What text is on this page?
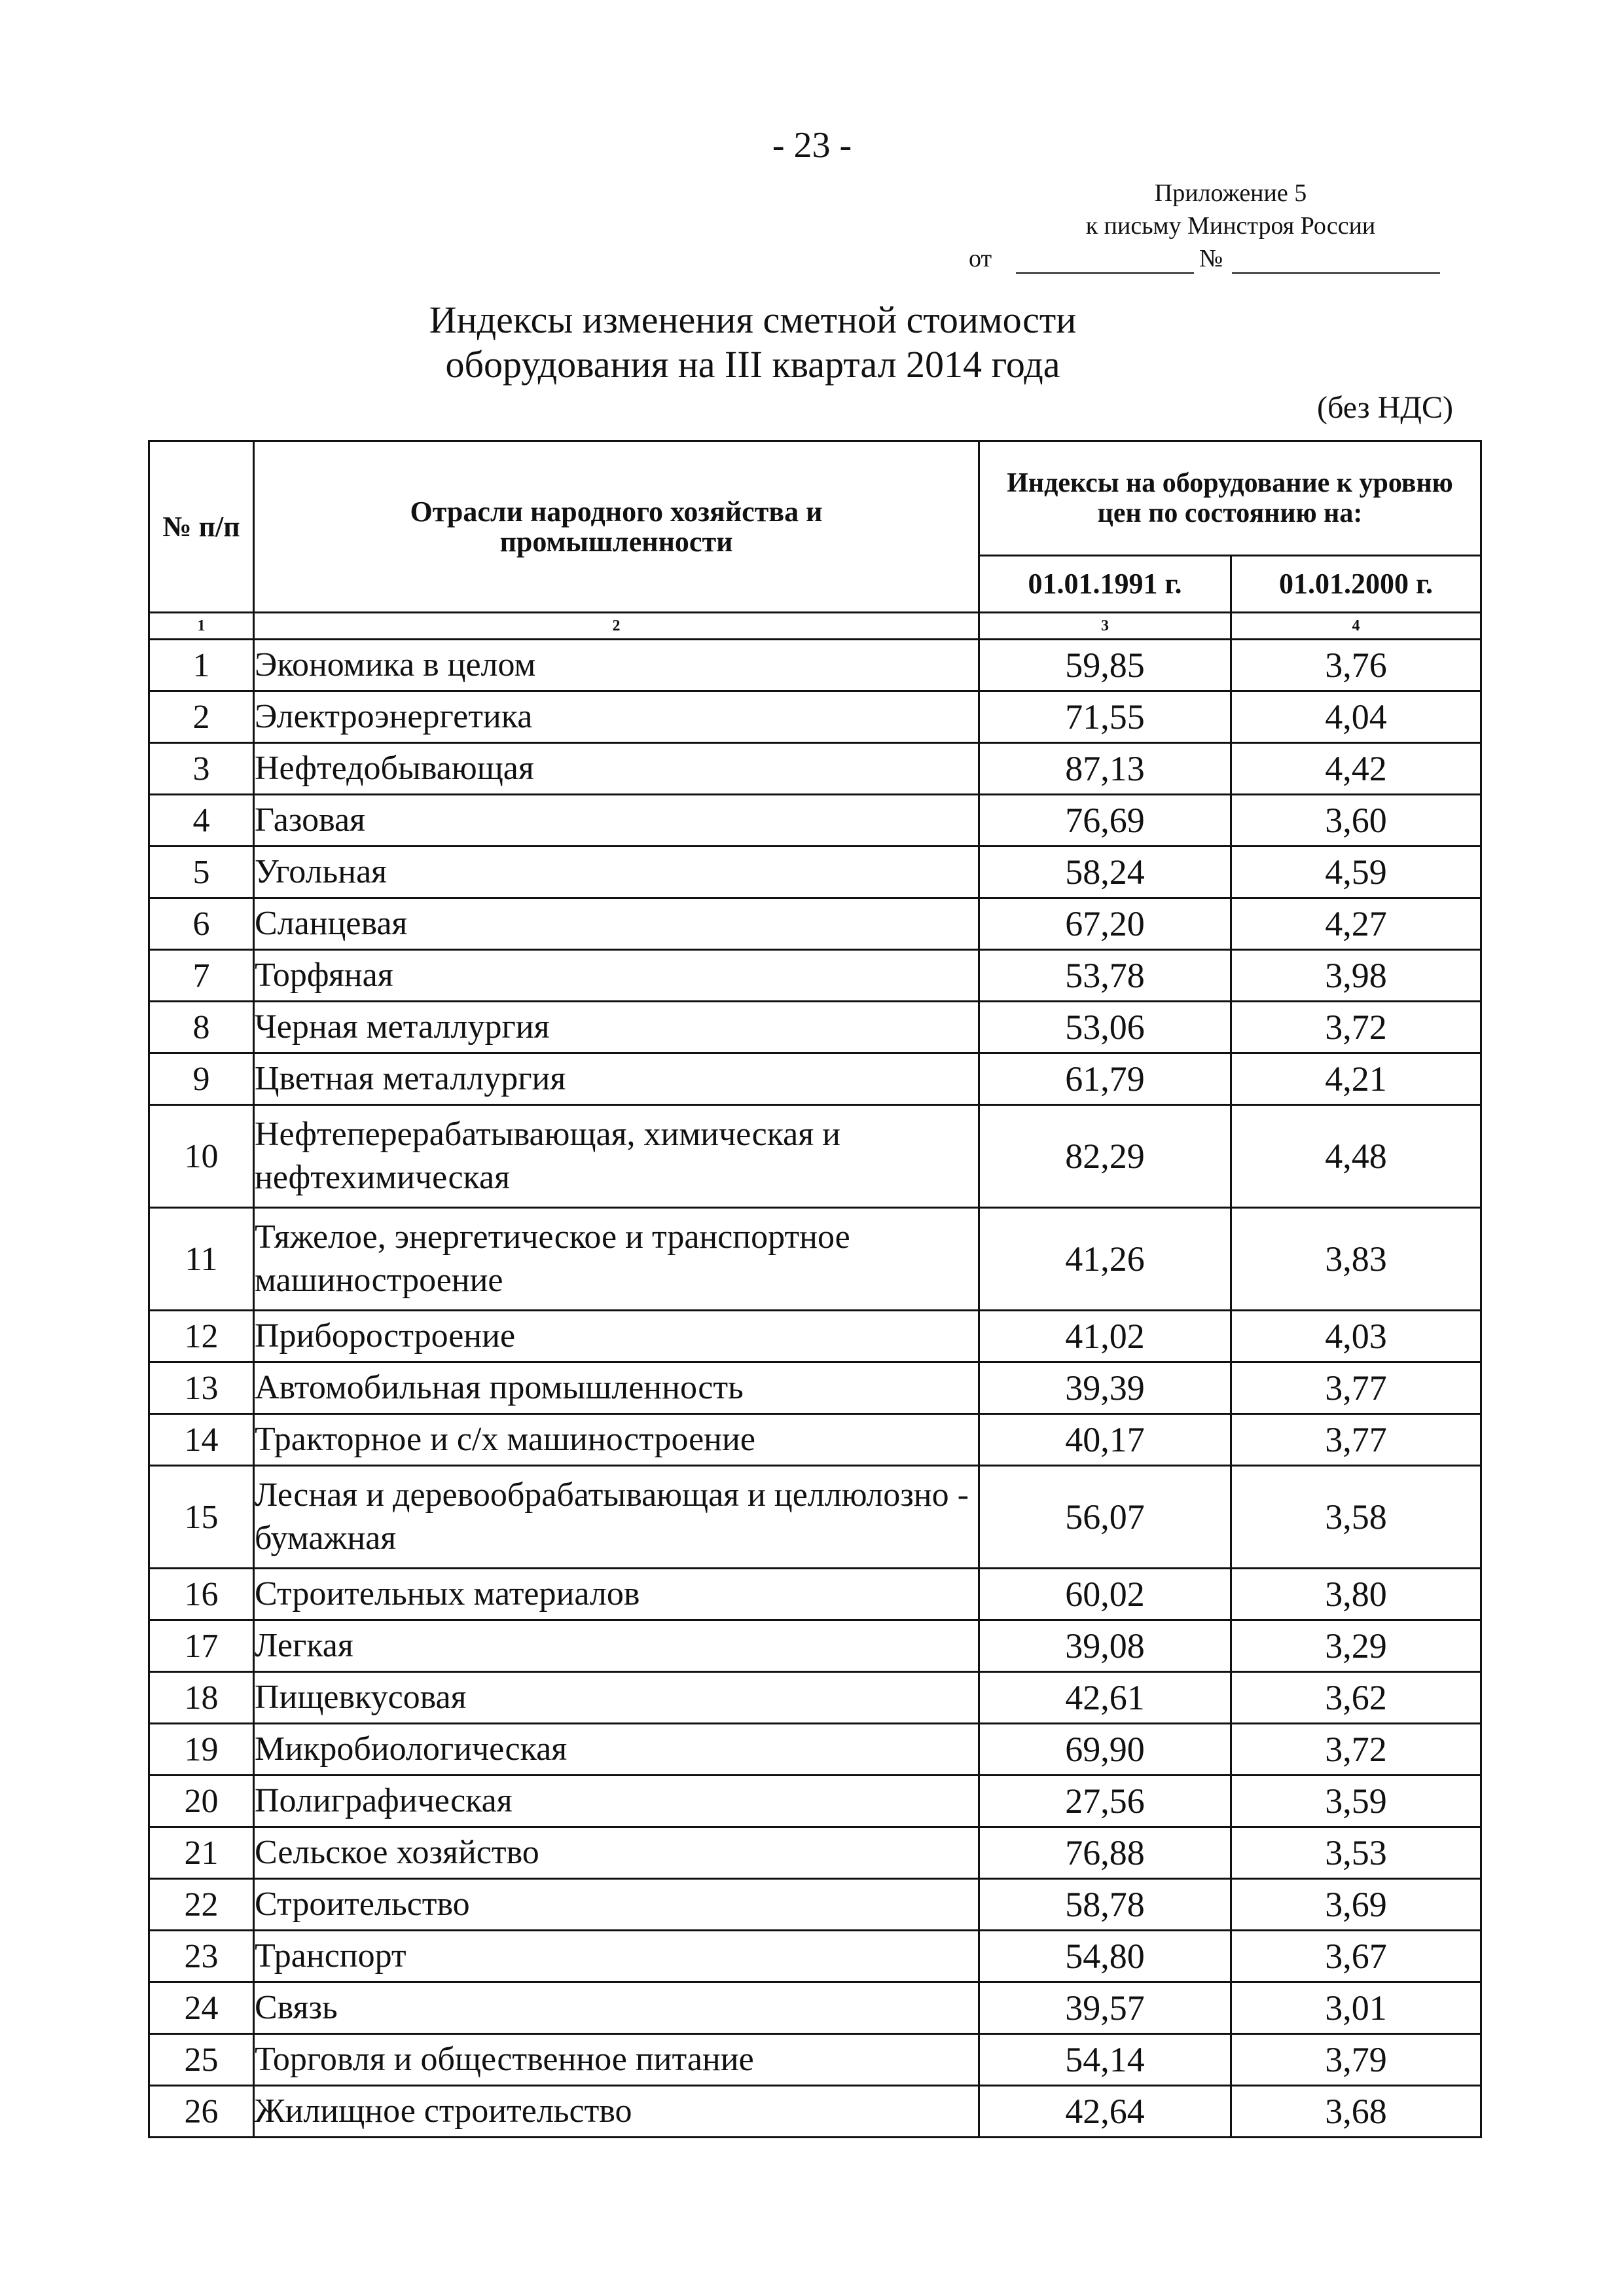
- 23 -
Приложение 5
к письму Минстроя России
от	№
Индексы изменения сметной стоимости
оборудования на III квартал 2014 года
(без НДС)
№ п/п	Отрасли народного хозяйства и промышленности	Индексы на оборудование к уровню цен по состоянию на:	
		01.01.1991 г.	01.01.2000 г.
1	2	3	4
1	Экономика в целом	59,85	3,76
2	Электроэнергетика	71,55	4,04
3	Нефтедобывающая	87,13	4,42
4	Газовая	76,69	3,60
5	Угольная	58,24	4,59
6	Сланцевая	67,20	4,27
7	Торфяная	53,78	3,98
8	Черная металлургия	53,06	3,72
9	Цветная металлургия	61,79	4,21
10	Нефтеперерабатывающая, химическая и нефтехимическая	82,29	4,48
11	Тяжелое, энергетическое и транспортное машиностроение	41,26	3,83
12	Приборостроение	41,02	4,03
13	Автомобильная промышленность	39,39	3,77
14	Тракторное и с/х машиностроение	40,17	3,77
15	Лесная и деревообрабатывающая и целлюлозно - бумажная	56,07	3,58
16	Строительных материалов	60,02	3,80
17	Легкая	39,08	3,29
18	Пищевкусовая	42,61	3,62
19	Микробиологическая	69,90	3,72
20	Полиграфическая	27,56	3,59
21	Сельское хозяйство	76,88	3,53
22	Строительство	58,78	3,69
23	Транспорт	54,80	3,67
24	Связь	39,57	3,01
25	Торговля и общественное питание	54,14	3,79
26	Жилищное строительство	42,64	3,68
